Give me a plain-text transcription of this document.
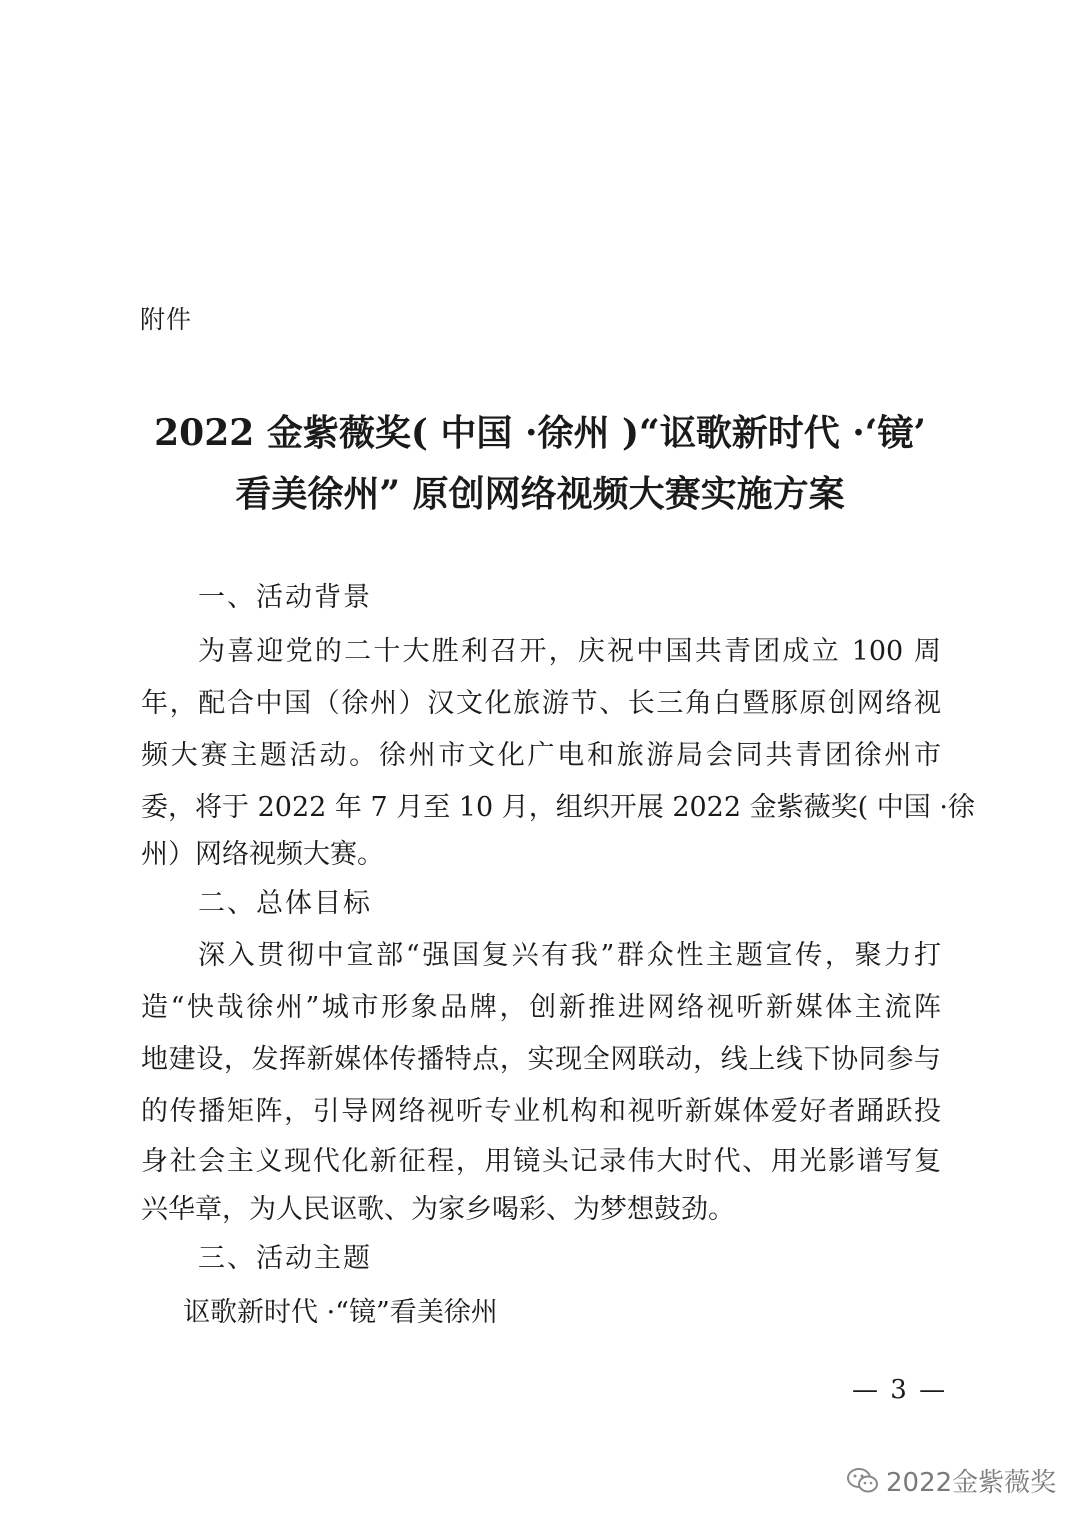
附件
2022 金紫薇奖( 中国 ·徐州 )“讴歌新时代 ·‘镜’
看美徐州” 原创网络视频大赛实施方案
一、活动背景
为喜迎党的二十大胜利召开，庆祝中国共青团成立 100 周
年，配合中国（徐州）汉文化旅游节、长三角白暨豚原创网络视
频大赛主题活动。徐州市文化广电和旅游局会同共青团徐州市
委，将于 2022 年 7 月至 10 月，组织开展 2022 金紫薇奖( 中国 ·徐
州）网络视频大赛。
二、总体目标
深入贯彻中宣部“强国复兴有我”群众性主题宣传，聚力打
造“快哉徐州”城市形象品牌，创新推进网络视听新媒体主流阵
地建设，发挥新媒体传播特点，实现全网联动，线上线下协同参与
的传播矩阵，引导网络视听专业机构和视听新媒体爱好者踊跃投
身社会主义现代化新征程，用镜头记录伟大时代、用光影谱写复
兴华章，为人民讴歌、为家乡喝彩、为梦想鼓劲。
三、活动主题
讴歌新时代 ·“镜”看美徐州
— 3 —
2022金紫薇奖
